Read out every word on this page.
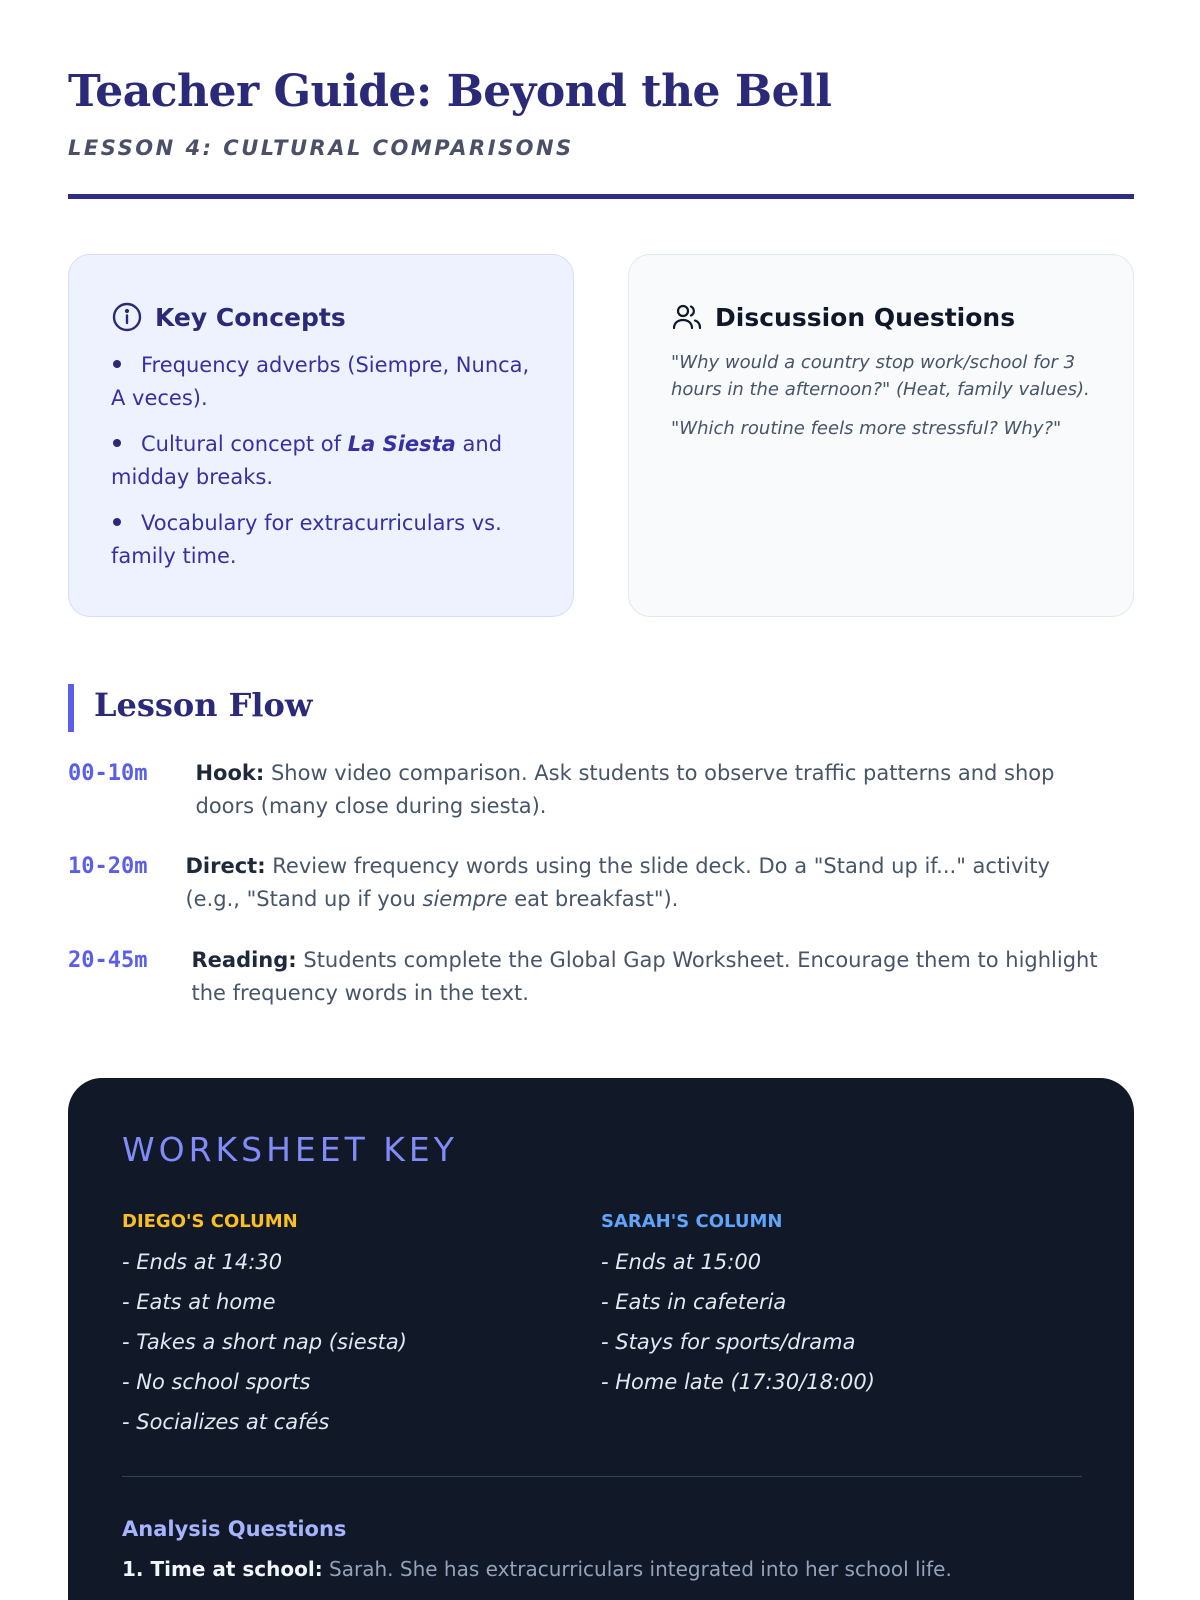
Teacher Guide: Beyond the Bell
LESSON 4: CULTURAL COMPARISONS
Key Concepts
Frequency adverbs (Siempre, Nunca, A veces).
Cultural concept of La Siesta and midday breaks.
Vocabulary for extracurriculars vs. family time.
Discussion Questions

"Why would a country stop work/school for 3 hours in the afternoon?" (Heat, family values).

"Which routine feels more stressful? Why?"

Lesson Flow
00-10m Hook: Show video comparison. Ask students to observe traffic patterns and shop doors (many close during siesta).
10-20m Direct: Review frequency words using the slide deck. Do a "Stand up if..." activity (e.g., "Stand up if you siempre eat breakfast").
20-45m Reading: Students complete the Global Gap Worksheet. Encourage them to highlight the frequency words in the text.
WORKSHEET KEY
DIEGO'S COLUMN
- Ends at 14:30
- Eats at home
- Takes a short nap (siesta)
- No school sports
- Socializes at cafés
SARAH'S COLUMN
- Ends at 15:00
- Eats in cafeteria
- Stays for sports/drama
- Home late (17:30/18:00)
Analysis Questions
1. Time at school: Sarah. She has extracurriculars integrated into her school life.
